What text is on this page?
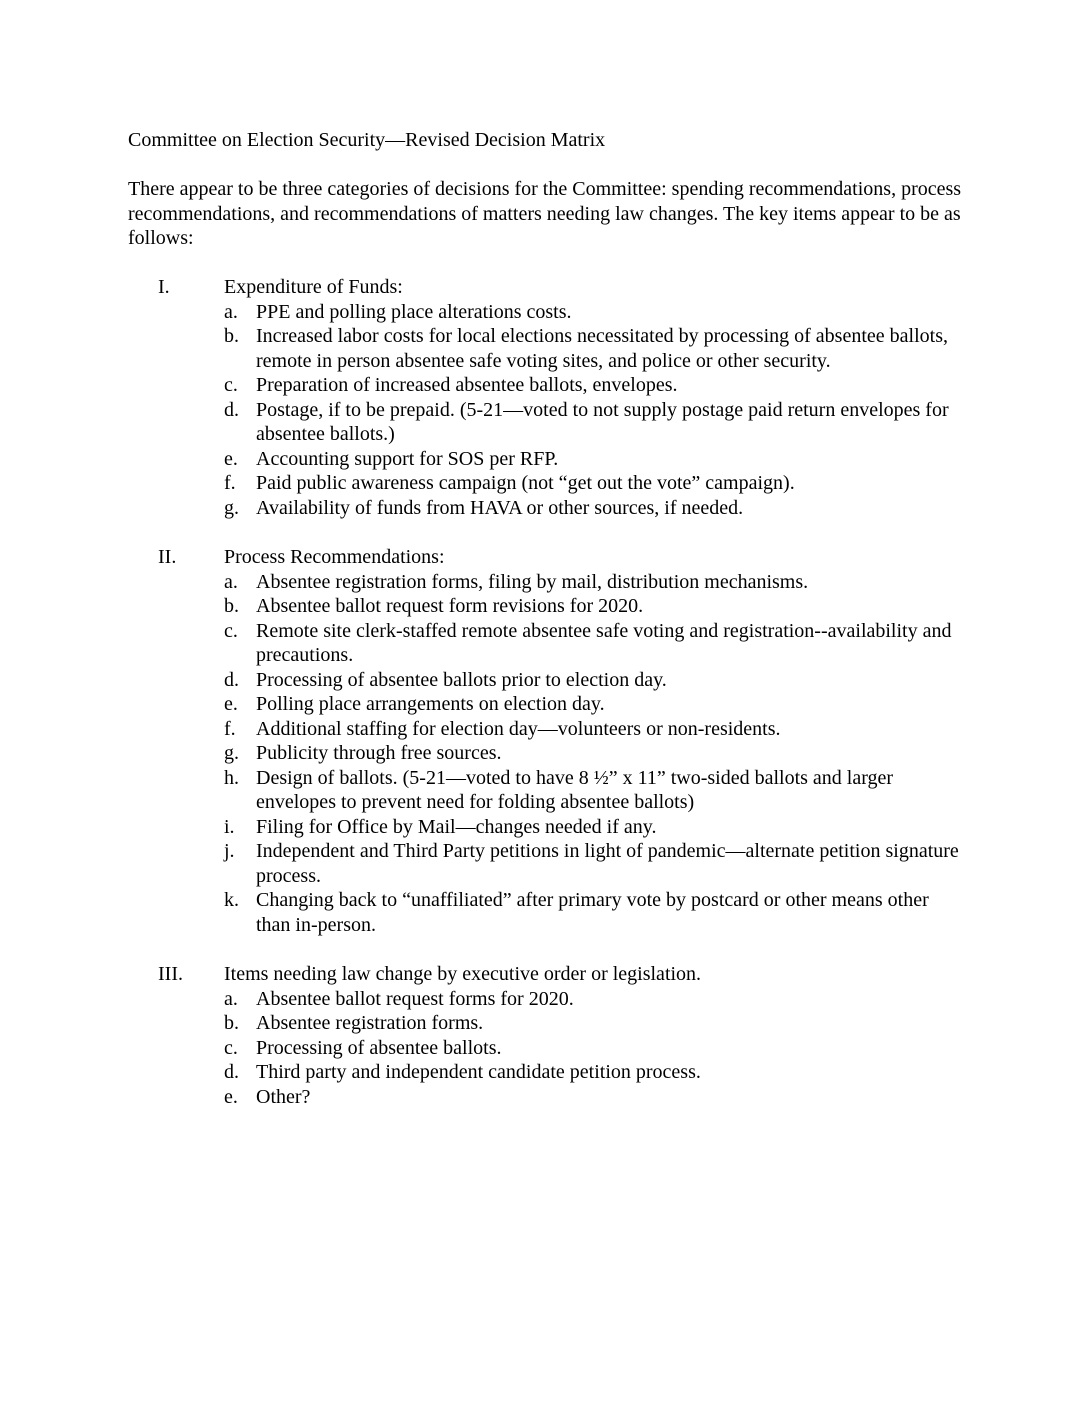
Committee on Election Security—Revised Decision Matrix

There appear to be three categories of decisions for the Committee: spending recommendations, process recommendations, and recommendations of matters needing law changes. The key items appear to be as follows:

I.	Expenditure of Funds:
a. PPE and polling place alterations costs.
b. Increased labor costs for local elections necessitated by processing of absentee ballots, remote in person absentee safe voting sites, and police or other security.
c. Preparation of increased absentee ballots, envelopes.
d. Postage, if to be prepaid. (5-21—voted to not supply postage paid return envelopes for absentee ballots.)
e. Accounting support for SOS per RFP.
f. Paid public awareness campaign (not “get out the vote” campaign).
g. Availability of funds from HAVA or other sources, if needed.
II. Process Recommendations:
a. Absentee registration forms, filing by mail, distribution mechanisms.
b. Absentee ballot request form revisions for 2020.
c. Remote site clerk-staffed remote absentee safe voting and registration--availability and precautions.
d. Processing of absentee ballots prior to election day.
e. Polling place arrangements on election day.
f. Additional staffing for election day—volunteers or non-residents.
g. Publicity through free sources.
h. Design of ballots. (5-21—voted to have 8 ½” x 11” two-sided ballots and larger envelopes to prevent need for folding absentee ballots)
i. Filing for Office by Mail—changes needed if any.
j. Independent and Third Party petitions in light of pandemic—alternate petition signature process.
k. Changing back to “unaffiliated” after primary vote by postcard or other means other than in-person.
III. Items needing law change by executive order or legislation.
a. Absentee ballot request forms for 2020.
b. Absentee registration forms.
c. Processing of absentee ballots.
d. Third party and independent candidate petition process.
e. Other?
